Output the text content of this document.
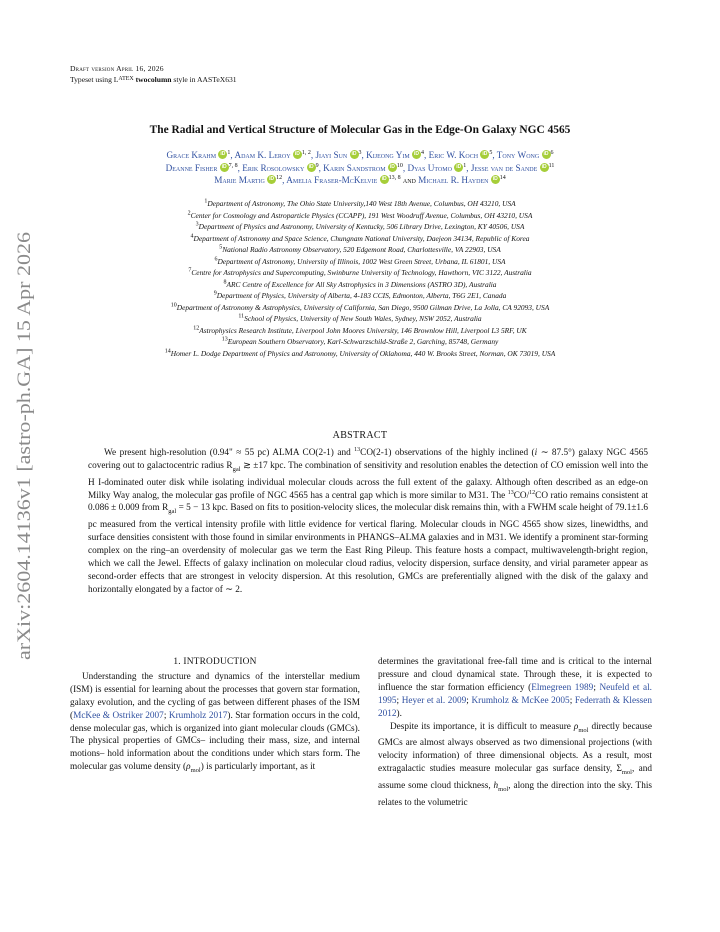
arXiv:2604.14136v1 [astro-ph.GA] 15 Apr 2026
Draft version April 16, 2026
Typeset using $L^{ATEX}$ twocolumn style in AASTeX631
The Radial and Vertical Structure of Molecular Gas in the Edge-On Galaxy NGC 4565
Grace Krahm iD $^1$, Adam K. Leroy iD $^{1, 2}$, Jiayi Sun iD $^3$, Kijeong Yim iD $^4$, Eric W. Koch iD $^5$, Tony Wong iD $^6$
Deanne Fisher iD $^{7, 8}$, Erik Rosolowsky iD $^9$, Karin Sandstrom iD $^{10}$, Dyas Utomo iD $^1$, Jesse van de Sande iD $^{11}$
Marie Martig iD $^{12}$, Amelia Fraser-McKelvie iD $^{13, 8}$ and Michael R. Hayden iD $^{14}$
$^1$Department of Astronomy, The Ohio State University,140 West 18th Avenue, Columbus, OH 43210, USA
$^2$Center for Cosmology and Astroparticle Physics (CCAPP), 191 West Woodruff Avenue, Columbus, OH 43210, USA
$^3$Department of Physics and Astronomy, University of Kentucky, 506 Library Drive, Lexington, KY 40506, USA
$^4$Department of Astronomy and Space Science, Chungnam National University, Daejeon 34134, Republic of Korea
$^5$National Radio Astronomy Observatory, 520 Edgemont Road, Charlottesville, VA 22903, USA
$^6$Department of Astronomy, University of Illinois, 1002 West Green Street, Urbana, IL 61801, USA
$^7$Centre for Astrophysics and Supercomputing, Swinburne University of Technology, Hawthorn, VIC 3122, Australia
$^8$ARC Centre of Excellence for All Sky Astrophysics in 3 Dimensions (ASTRO 3D), Australia
$^9$Department of Physics, University of Alberta, 4-183 CCIS, Edmonton, Alberta, T6G 2E1, Canada
$^{10}$Department of Astronomy & Astrophysics, University of California, San Diego, 9500 Gilman Drive, La Jolla, CA 92093, USA
$^{11}$School of Physics, University of New South Wales, Sydney, NSW 2052, Australia
$^{12}$Astrophysics Research Institute, Liverpool John Moores University, 146 Brownlow Hill, Liverpool L3 5RF, UK
$^{13}$European Southern Observatory, Karl-Schwarzschild-Straße 2, Garching, 85748, Germany
$^{14}$Homer L. Dodge Department of Physics and Astronomy, University of Oklahoma, 440 W. Brooks Street, Norman, OK 73019, USA
ABSTRACT
We present high-resolution (0.94" ≈ 55 pc) ALMA CO(2-1) and $^{13}$CO(2-1) observations of the highly inclined (i ∼ 87.5°) galaxy NGC 4565 covering out to galactocentric radius $R_{gal}$ ≳ ±17 kpc. The combination of sensitivity and resolution enables the detection of CO emission well into the H I-dominated outer disk while isolating individual molecular clouds across the full extent of the galaxy. Although often described as an edge-on Milky Way analog, the molecular gas profile of NGC 4565 has a central gap which is more similar to M31. The $^{13}$CO/$^{12}$CO ratio remains consistent at 0.086 ± 0.009 from $R_{gal} = 5 - 13$ kpc. Based on fits to position-velocity slices, the molecular disk remains thin, with a FWHM scale height of 79.1±1.6 pc measured from the vertical intensity profile with little evidence for vertical flaring. Molecular clouds in NGC 4565 show sizes, linewidths, and surface densities consistent with those found in similar environments in PHANGS–ALMA galaxies and in M31. We identify a prominent star-forming complex on the ring–an overdensity of molecular gas we term the East Ring Pileup. This feature hosts a compact, multiwavelength-bright region, which we call the Jewel. Effects of galaxy inclination on molecular cloud radius, velocity dispersion, surface density, and virial parameter appear as second-order effects that are strongest in velocity dispersion. At this resolution, GMCs are preferentially aligned with the disk of the galaxy and horizontally elongated by a factor of ∼ 2.
1. INTRODUCTION

Understanding the structure and dynamics of the interstellar medium (ISM) is essential for learning about the processes that govern star formation, galaxy evolution, and the cycling of gas between different phases of the ISM (McKee & Ostriker 2007; Krumholz 2017). Star formation occurs in the cold, dense molecular gas, which is organized into giant molecular clouds (GMCs). The physical properties of GMCs– including their mass, size, and internal motions– hold information about the conditions under which stars form. The molecular gas volume density $(\rho_{mol})$ is particularly important, as it

determines the gravitational free-fall time and is critical to the internal pressure and cloud dynamical state. Through these, it is expected to influence the star formation efficiency (Elmegreen 1989; Neufeld et al. 1995; Heyer et al. 2009; Krumholz & McKee 2005; Federrath & Klessen 2012).

Despite its importance, it is difficult to measure $\rho_{mol}$ directly because GMCs are almost always observed as two dimensional projections (with velocity information) of three dimensional objects. As a result, most extragalactic studies measure molecular gas surface density, $\Sigma_{mol}$, and assume some cloud thickness, $h_{mol}$, along the direction into the sky. This relates to the volumetric
